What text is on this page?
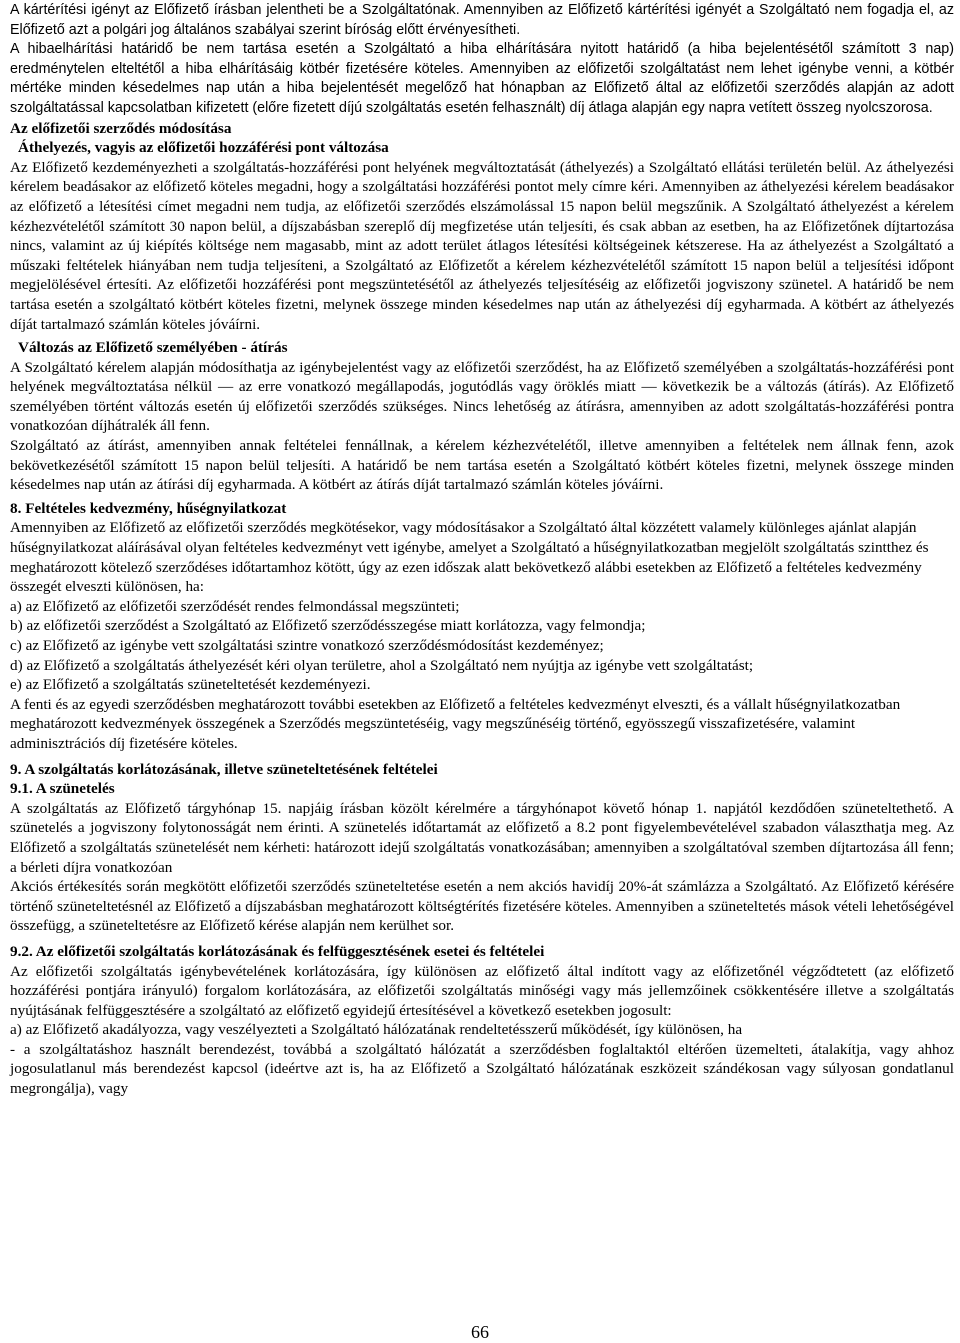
A kártérítési igényt az Előfizető írásban jelentheti be a Szolgáltatónak. Amennyiben az Előfizető kártérítési igényét a Szolgáltató nem fogadja el, az Előfizető azt a polgári jog általános szabályai szerint bíróság előtt érvényesítheti.
A hibaelhárítási határidő be nem tartása esetén a Szolgáltató a hiba elhárítására nyitott határidő (a hiba bejelentésétől számított 3 nap) eredménytelen elteltétől a hiba elhárításáig kötbér fizetésére köteles. Amennyiben az előfizetői szolgáltatást nem lehet igénybe venni, a kötbér mértéke minden késedelmes nap után a hiba bejelentését megelőző hat hónapban az Előfizető által az előfizetői szerződés alapján az adott szolgáltatással kapcsolatban kifizetett (előre fizetett díjú szolgáltatás esetén felhasznált) díj átlaga alapján egy napra vetített összeg nyolcszorosa.
Az előfizetői szerződés módosítása
Áthelyezés, vagyis az előfizetői hozzáférési pont változása
Az Előfizető kezdeményezheti a szolgáltatás-hozzáférési pont helyének megváltoztatását (áthelyezés) a Szolgáltató ellátási területén belül. Az áthelyezési kérelem beadásakor az előfizető köteles megadni, hogy a szolgáltatási hozzáférési pontot mely címre kéri. Amennyiben az áthelyezési kérelem beadásakor az előfizető a létesítési címet megadni nem tudja, az előfizetői szerződés elszámolással 15 napon belül megszűnik. A Szolgáltató áthelyezést a kérelem kézhezvételétől számított 30 napon belül, a díjszabásban szereplő díj megfizetése után teljesíti, és csak abban az esetben, ha az Előfizetőnek díjtartozása nincs, valamint az új kiépítés költsége nem magasabb, mint az adott terület átlagos létesítési költségeinek kétszerese. Ha az áthelyezést a Szolgáltató a műszaki feltételek hiányában nem tudja teljesíteni, a Szolgáltató az Előfizetőt a kérelem kézhezvételétől számított 15 napon belül a teljesítési időpont megjelölésével értesíti. Az előfizetői hozzáférési pont megszüntetésétől az áthelyezés teljesítéséig az előfizetői jogviszony szünetel. A határidő be nem tartása esetén a szolgáltató kötbért köteles fizetni, melynek összege minden késedelmes nap után az áthelyezési díj egyharmada. A kötbért az áthelyezés díját tartalmazó számlán köteles jóváírni.
Változás az Előfizető személyében - átírás
A Szolgáltató kérelem alapján módosíthatja az igénybejelentést vagy az előfizetői szerződést, ha az Előfizető személyében a szolgáltatás-hozzáférési pont helyének megváltoztatása nélkül — az erre vonatkozó megállapodás, jogutódlás vagy öröklés miatt — következik be a változás (átírás). Az Előfizető személyében történt változás esetén új előfizetői szerződés szükséges. Nincs lehetőség az átírásra, amennyiben az adott szolgáltatás-hozzáférési pontra vonatkozóan díjhátralék áll fenn.
Szolgáltató az átírást, amennyiben annak feltételei fennállnak, a kérelem kézhezvételétől, illetve amennyiben a feltételek nem állnak fenn, azok bekövetkezésétől számított 15 napon belül teljesíti. A határidő be nem tartása esetén a Szolgáltató kötbért köteles fizetni, melynek összege minden késedelmes nap után az átírási díj egyharmada. A kötbért az átírás díját tartalmazó számlán köteles jóváírni.
8. Feltételes kedvezmény, hűségnyilatkozat
Amennyiben az Előfizető az előfizetői szerződés megkötésekor, vagy módosításakor a Szolgáltató által közzétett valamely különleges ajánlat alapján hűségnyilatkozat aláírásával olyan feltételes kedvezményt vett igénybe, amelyet a Szolgáltató a hűségnyilatkozatban megjelölt szolgáltatás szintthez és meghatározott kötelező szerződéses időtartamhoz kötött, úgy az ezen időszak alatt bekövetkező alábbi esetekben az Előfizető a feltételes kedvezmény összegét elveszti különösen, ha:
a) az Előfizető az előfizetői szerződését rendes felmondással megszünteti;
b) az előfizetői szerződést a Szolgáltató az Előfizető szerződésszegése miatt korlátozza, vagy felmondja;
c) az Előfizető az igénybe vett szolgáltatási szintre vonatkozó szerződésmódosítást kezdeményez;
d) az Előfizető a szolgáltatás áthelyezését kéri olyan területre, ahol a Szolgáltató nem nyújtja az igénybe vett szolgáltatást;
e) az Előfizető a szolgáltatás szüneteltetését kezdeményezi.
A fenti és az egyedi szerződésben meghatározott további esetekben az Előfizető a feltételes kedvezményt elveszti, és a vállalt hűségnyilatkozatban meghatározott kedvezmények összegének a Szerződés megszüntetéséig, vagy megszűnéséig történő, egyösszegű visszafizetésére, valamint adminisztrációs díj fizetésére köteles.
9. A szolgáltatás korlátozásának, illetve szüneteltetésének feltételei
9.1. A szünetelés
A szolgáltatás az Előfizető tárgyhónap 15. napjáig írásban közölt kérelmére a tárgyhónapot követő hónap 1. napjától kezdődően szüneteltethető. A szünetelés a jogviszony folytonosságát nem érinti. A szünetelés időtartamát az előfizető a 8.2 pont figyelembevételével szabadon választhatja meg. Az Előfizető a szolgáltatás szünetelését nem kérheti: határozott idejű szolgáltatás vonatkozásában; amennyiben a szolgáltatóval szemben díjtartozása áll fenn; a bérleti díjra vonatkozóan
Akciós értékesítés során megkötött előfizetői szerződés szüneteltetése esetén a nem akciós havidíj 20%-át számlázza a Szolgáltató. Az Előfizető kérésére történő szüneteltetésnél az Előfizető a díjszabásban meghatározott költségtérítés fizetésére köteles. Amennyiben a szüneteltetés mások vételi lehetőségével összefügg, a szüneteltetésre az Előfizető kérése alapján nem kerülhet sor.
9.2. Az előfizetői szolgáltatás korlátozásának és felfüggesztésének esetei és feltételei
Az előfizetői szolgáltatás igénybevételének korlátozására, így különösen az előfizető által indított vagy az előfizetőnél végződtetett (az előfizető hozzáférési pontjára irányuló) forgalom korlátozására, az előfizetői szolgáltatás minőségi vagy más jellemzőinek csökkentésére illetve a szolgáltatás nyújtásának felfüggesztésére a szolgáltató az előfizető egyidejű értesítésével a következő esetekben jogosult:
a) az Előfizető akadályozza, vagy veszélyezteti a Szolgáltató hálózatának rendeltetésszerű működését, így különösen, ha
- a szolgáltatáshoz használt berendezést, továbbá a szolgáltató hálózatát a szerződésben foglaltaktól eltérően üzemelteti, átalakítja, vagy ahhoz jogosulatlanul más berendezést kapcsol (ideértve azt is, ha az Előfizető a Szolgáltató hálózatának eszközeit szándékosan vagy súlyosan gondatlanul megrongálja), vagy
66
